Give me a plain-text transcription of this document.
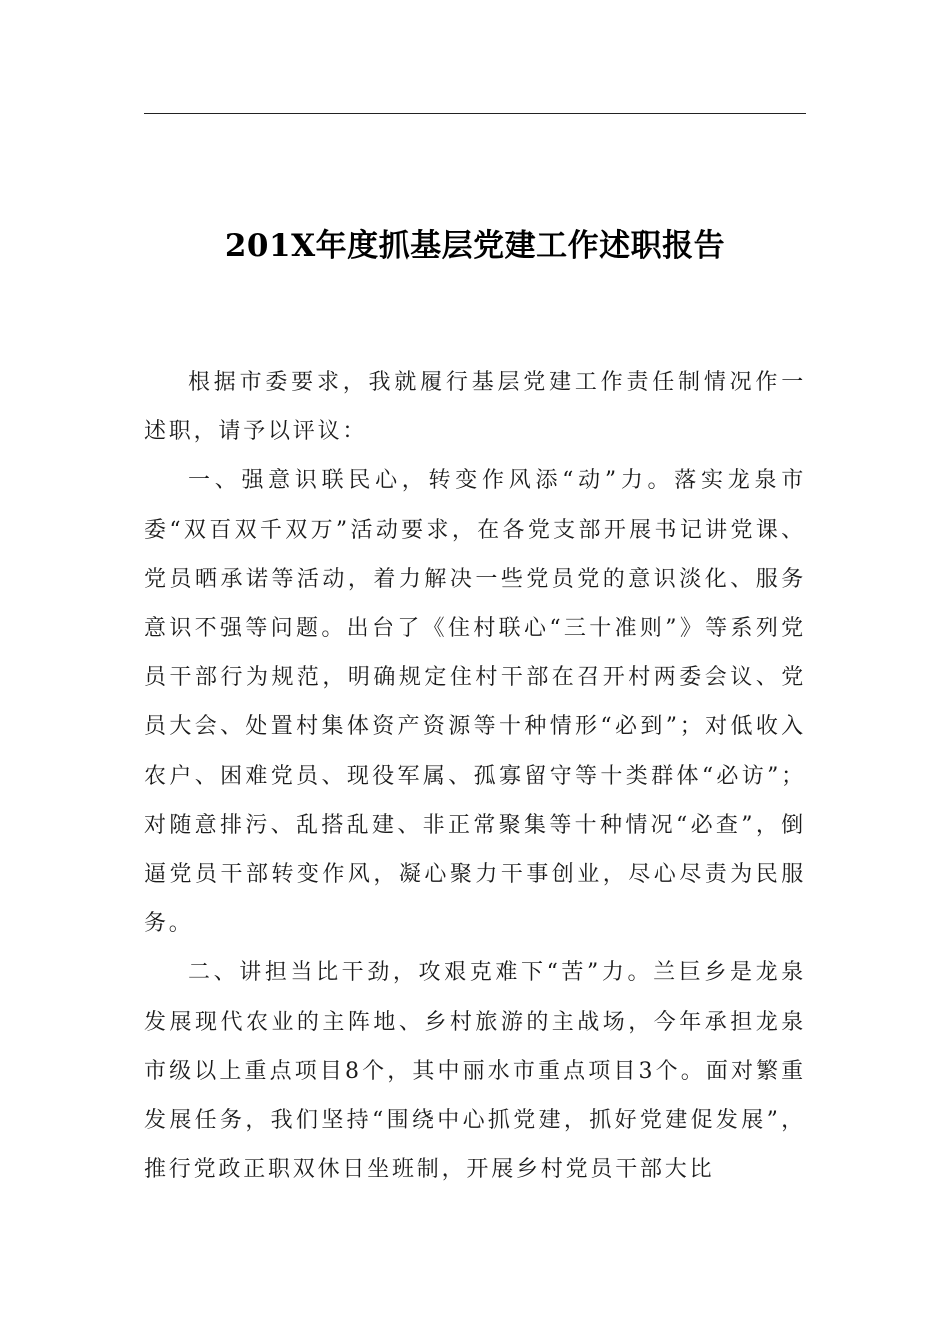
201X年度抓基层党建工作述职报告

根据市委要求，我就履行基层党建工作责任制情况作一述职，请予以评议：

一、强意识联民心，转变作风添“动”力。落实龙泉市委“双百双千双万”活动要求，在各党支部开展书记讲党课、党员晒承诺等活动，着力解决一些党员党的意识淡化、服务意识不强等问题。出台了《住村联心“三十准则”》等系列党员干部行为规范，明确规定住村干部在召开村两委会议、党员大会、处置村集体资产资源等十种情形“必到”；对低收入农户、困难党员、现役军属、孤寡留守等十类群体“必访”；对随意排污、乱搭乱建、非正常聚集等十种情况“必查”，倒逼党员干部转变作风，凝心聚力干事创业，尽心尽责为民服务。

二、讲担当比干劲，攻艰克难下“苦”力。兰巨乡是龙泉发展现代农业的主阵地、乡村旅游的主战场，今年承担龙泉市级以上重点项目8个，其中丽水市重点项目3个。面对繁重发展任务，我们坚持“围绕中心抓党建，抓好党建促发展”，推行党政正职双休日坐班制，开展乡村党员干部大比
